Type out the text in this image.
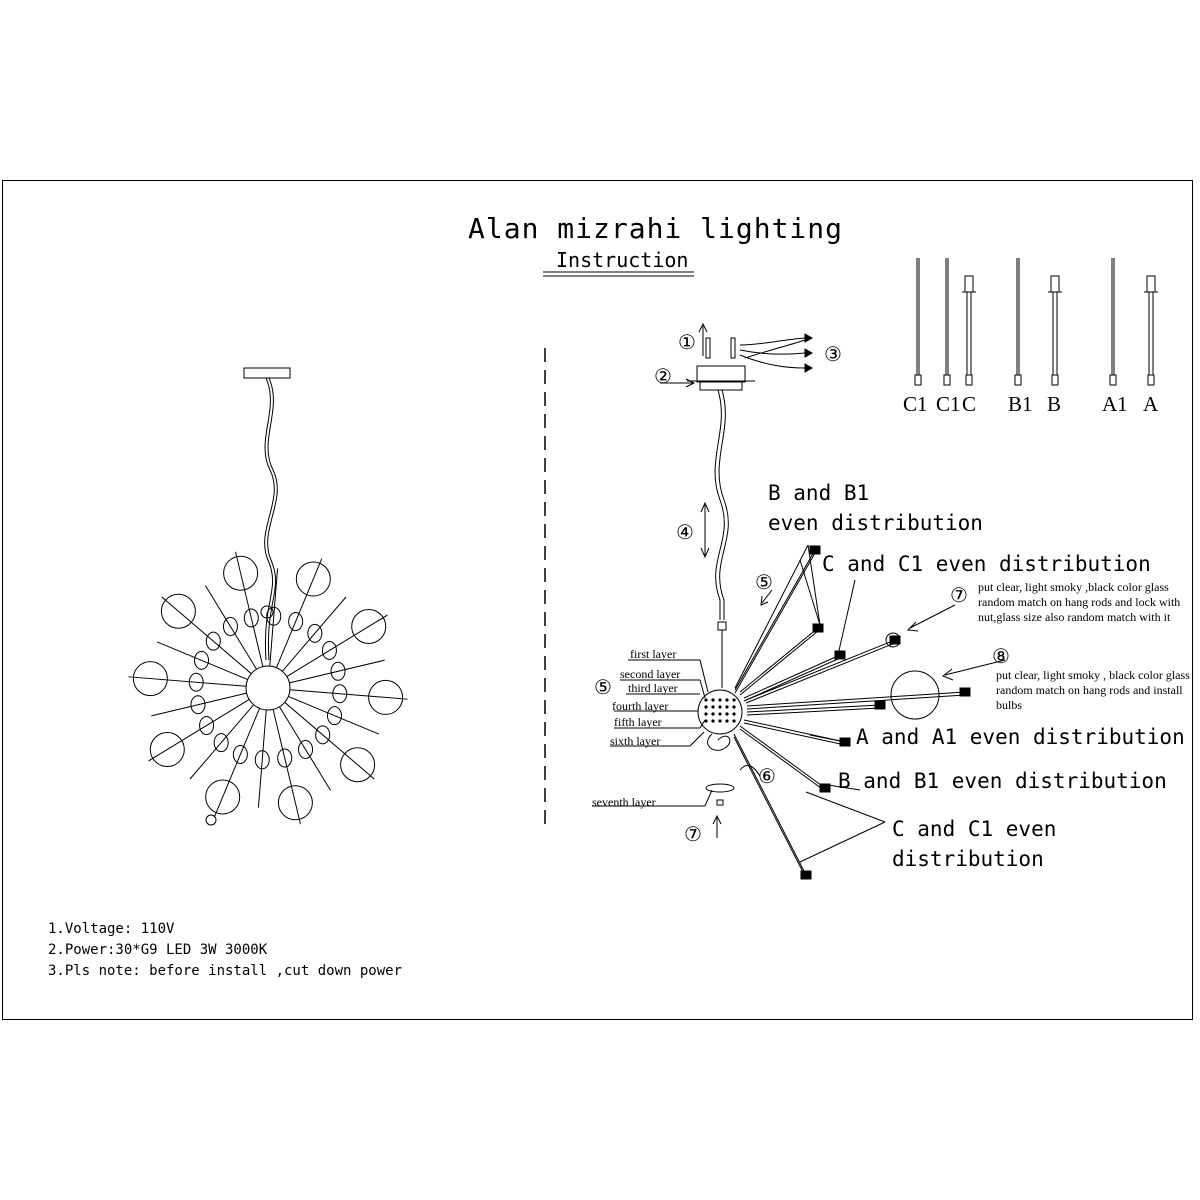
Alan mizrahi lighting
Instruction
C1 C1 C B1 B A1 A
①
②
③
④
⑤
⑤
⑥
⑦
⑦
⑧
first layer
second layer
third layer
fourth layer
fifth layer
sixth layer
seventh layer
B and B1
even distribution
C and C1 even distribution
A and A1 even distribution
B and B1 even distribution
C and C1 even
distribution
put clear, light smoky ,black color glass random match on hang rods and lock with nut,glass size also random match with it
put clear, light smoky , black color glass random match on hang rods and install bulbs
1.Voltage: 110V
2.Power:30*G9 LED 3W 3000K
3.Pls note: before install ,cut down power
